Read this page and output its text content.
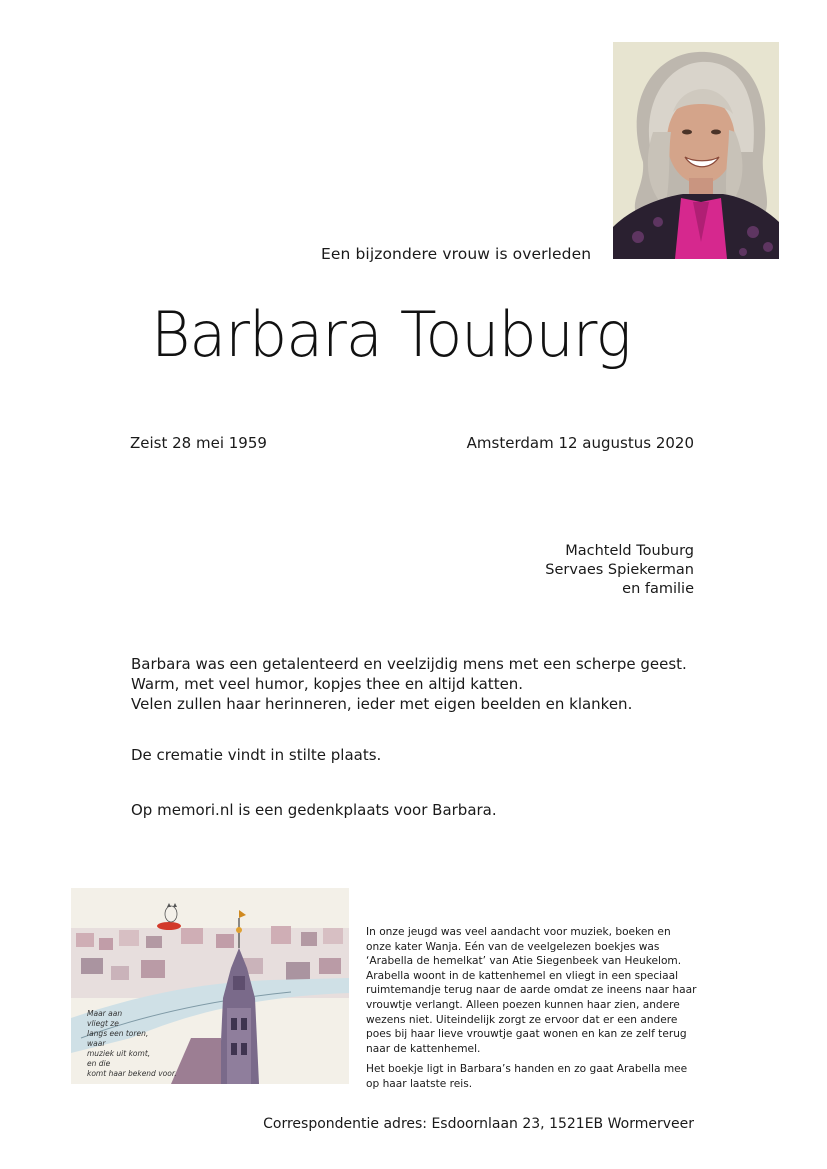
Een bijzondere vrouw is overleden
Barbara Touburg
Zeist 28 mei 1959	Amsterdam 12 augustus 2020
Machteld Touburg
Servaes Spiekerman
en familie
Barbara was een getalenteerd en veelzijdig mens met een scherpe geest.
Warm, met veel humor, kopjes thee en altijd katten.
Velen zullen haar herinneren, ieder met eigen beelden en klanken.
De crematie vindt in stilte plaats.
Op memori.nl is een gedenkplaats voor Barbara.
Maar aan
vliegt ze
langs een toren,
waar
muziek uit komt,
en die
komt haar bekend voor.

In onze jeugd was veel aandacht voor muziek, boeken en onze kater Wanja. Eén van de veelgelezen boekjes was ‘Arabella de hemelkat’ van Atie Siegenbeek van Heukelom. Arabella woont in de kattenhemel en vliegt in een speciaal ruimtemandje terug naar de aarde omdat ze ineens naar haar vrouwtje verlangt. Alleen poezen kunnen haar zien, andere wezens niet. Uiteindelijk zorgt ze ervoor dat er een andere poes bij haar lieve vrouwtje gaat wonen en kan ze zelf terug naar de kattenhemel.

Het boekje ligt in Barbara’s handen en zo gaat Arabella mee op haar laatste reis.

Correspondentie adres: Esdoornlaan 23, 1521EB Wormerveer
